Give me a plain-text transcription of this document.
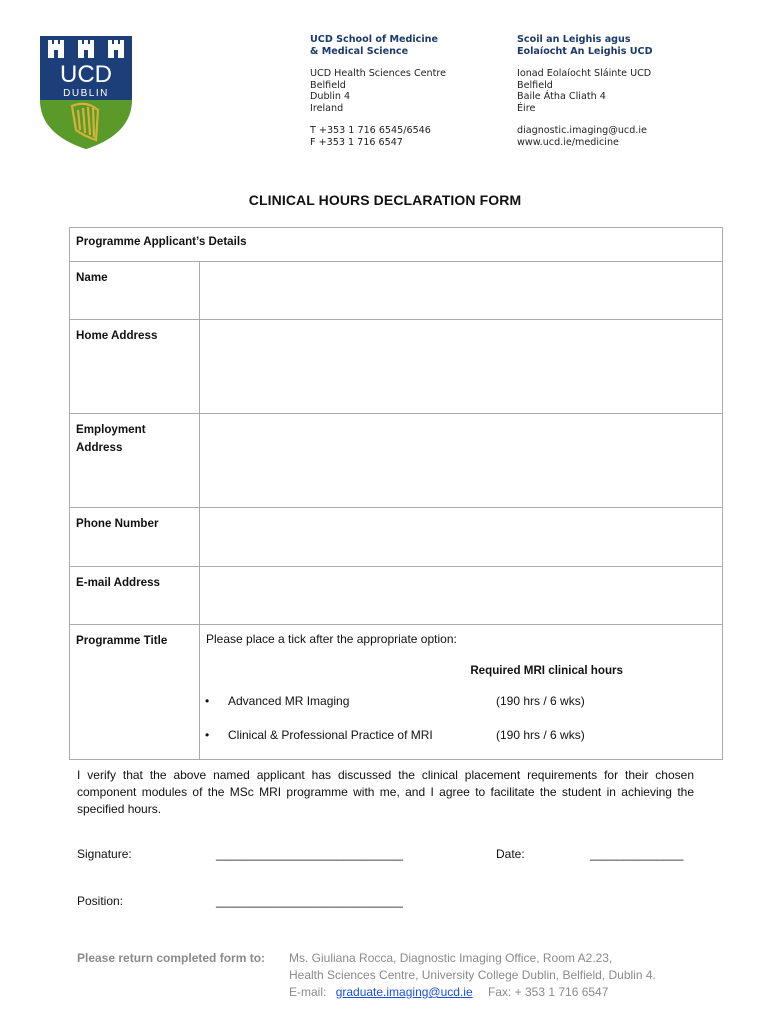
UCD
DUBLIN
UCD School of Medicine
& Medical Science
UCD Health Sciences Centre
Belfield
Dublin 4
Ireland
T +353 1 716 6545/6546
F +353 1 716 6547
Scoil an Leighis agus
Eolaíocht An Leighis UCD
Ionad Eolaíocht Sláinte UCD
Belfield
Baile Átha Cliath 4
Éire
diagnostic.imaging@ucd.ie
www.ucd.ie/medicine
CLINICAL HOURS DECLARATION FORM
Programme Applicant’s Details
Name
Home Address
Employment
Address
Phone Number
E-mail Address
Programme Title	Please place a tick after the appropriate option:
Required MRI clinical hours
• Advanced MR Imaging	(190 hrs / 6 wks)
• Clinical & Professional Practice of MRI	(190 hrs / 6 wks)
I verify that the above named applicant has discussed the clinical placement requirements for their chosen component modules of the MSc MRI programme with me, and I agree to facilitate the student in achieving the specified hours.
Signature:	____________________________	Date:	______________
Position:	____________________________
Please return completed form to: Ms. Giuliana Rocca, Diagnostic Imaging Office, Room A2.23,
Health Sciences Centre, University College Dublin, Belfield, Dublin 4.
E-mail: graduate.imaging@ucd.ie Fax: + 353 1 716 6547
